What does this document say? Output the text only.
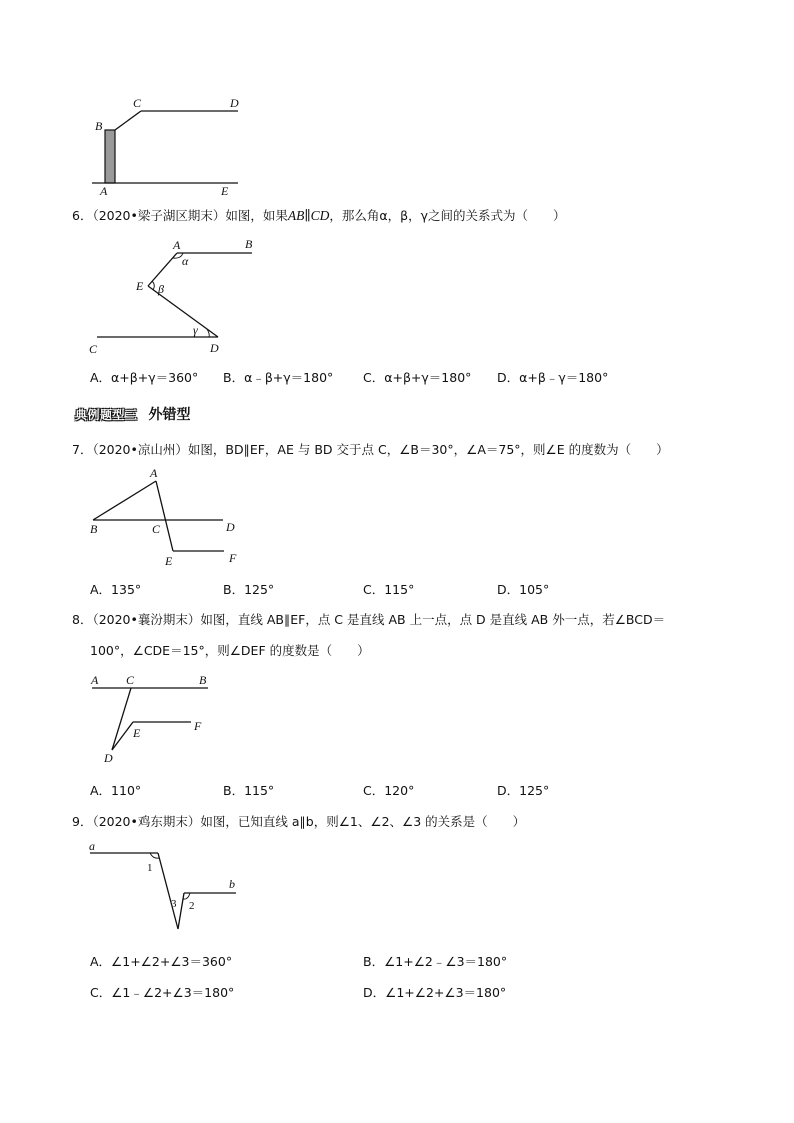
B
C	D
A	E
6．（2020•梁子湖区期末）如图，如果AB∥CD，那么角α，β，γ之间的关系式为（　　）
A	B
E
α
β
γ
C	D
A．α+β+γ＝360° B．α﹣β+γ＝180° C．α+β+γ＝180° D．α+β﹣γ＝180°
典例题型三 外错型
7．（2020•凉山州）如图，BD∥EF，AE 与 BD 交于点 C，∠B＝30°，∠A＝75°，则∠E 的度数为（　　）
A
B	C	D
E	F
A．135°	B．125°	C．115°	D．105°
8．（2020•襄汾期末）如图，直线 AB∥EF，点 C 是直线 AB 上一点，点 D 是直线 AB 外一点，若∠BCD＝
100°，∠CDE＝15°，则∠DEF 的度数是（　　）
A C	B
E	F
D
A．110°	B．115°	C．120°	D．125°
9．（2020•鸡东期末）如图，已知直线 a∥b，则∠1、∠2、∠3 的关系是（　　）
a
b
1
3 2
A．∠1+∠2+∠3＝360°	B．∠1+∠2﹣∠3＝180°
C．∠1﹣∠2+∠3＝180°	D．∠1+∠2+∠3＝180°
